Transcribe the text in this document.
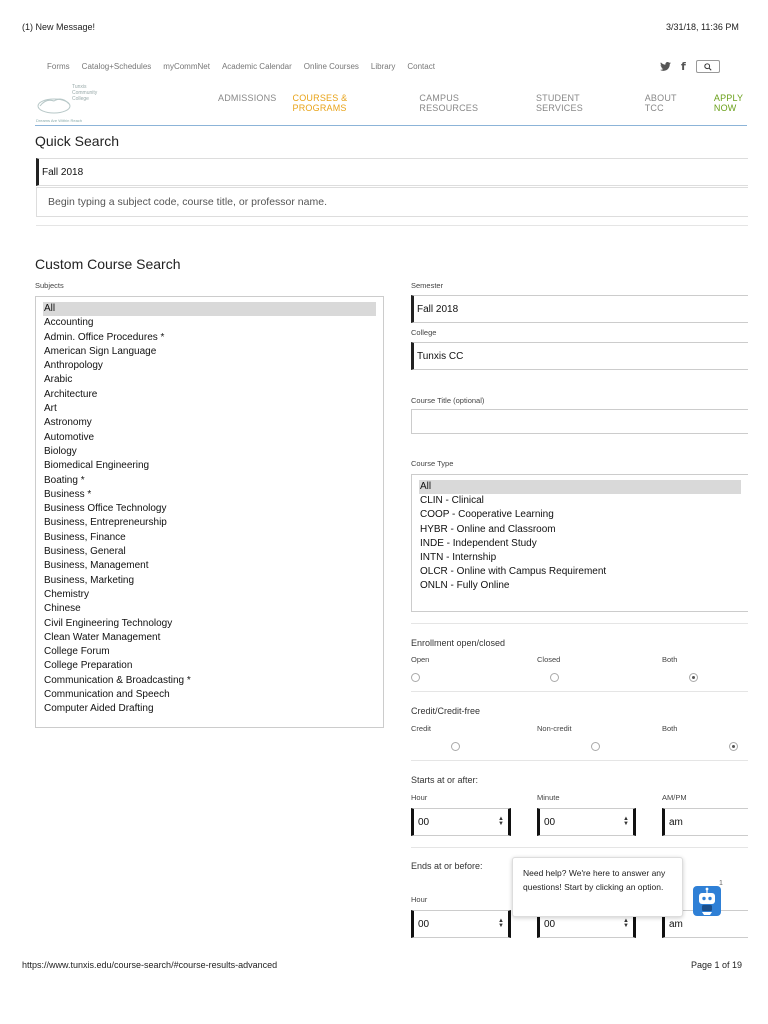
(1) New Message!	3/31/18, 11:36 PM
Forms Catalog+Schedules myCommNet Academic Calendar Online Courses Library Contact	f
Tunxis
Community
College
Dreams Are Within Reach
ADMISSIONS COURSES & PROGRAMS
CAMPUS RESOURCES
STUDENT SERVICES
ABOUT TCC
APPLY NOW
Quick Search
Fall 2018
Begin typing a subject code, course title, or professor name.
Custom Course Search
Subjects
All
Accounting
Admin. Office Procedures *
American Sign Language
Anthropology
Arabic
Architecture
Art
Astronomy
Automotive
Biology
Biomedical Engineering
Boating *
Business *
Business Office Technology
Business, Entrepreneurship
Business, Finance
Business, General
Business, Management
Business, Marketing
Chemistry
Chinese
Civil Engineering Technology
Clean Water Management
College Forum
College Preparation
Communication & Broadcasting *
Communication and Speech
Computer Aided Drafting
Semester
Fall 2018
College
Tunxis CC
Course Title (optional)
Course Type
All
CLIN - Clinical
COOP - Cooperative Learning
HYBR - Online and Classroom
INDE - Independent Study
INTN - Internship
OLCR - Online with Campus Requirement
ONLN - Fully Online
Enrollment open/closed
Open	Closed	Both

Credit/Credit-free
Credit	Non-credit	Both

Starts at or after:
Hour	Minute	AM/PM
00	▲
▼	00	▲
▼	am
Ends at or before:
Hour
00	▲
▼	00	▲
▼	am
Need help? We're here to answer any questions! Start by clicking an option.	1
https://www.tunxis.edu/course-search/#course-results-advanced	Page 1 of 19
